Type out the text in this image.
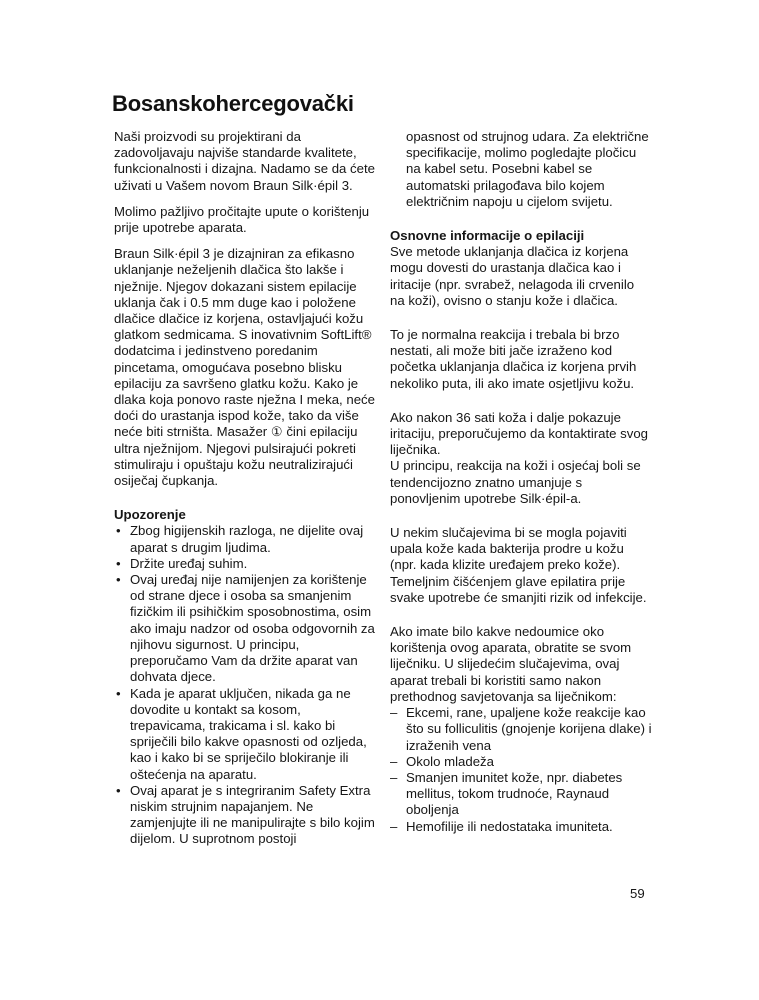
Bosanskohercegovački

Naši proizvodi su projektirani da zadovoljavaju najviše standarde kvalitete, funkcionalnosti i dizajna. Nadamo se da ćete uživati u Vašem novom Braun Silk·épil 3.

Molimo pažljivo pročitajte upute o korištenju prije upotrebe aparata.

Braun Silk·épil 3 je dizajniran za efikasno uklanjanje neželjenih dlačica što lakše i nježnije. Njegov dokazani sistem epilacije uklanja čak i 0.5 mm duge kao i položene dlačice dlačice iz korjena, ostavljajući kožu glatkom sedmicama. S inovativnim SoftLift® dodatcima i jedinstveno poredanim pincetama, omogućava posebno blisku epilaciju za savršeno glatku kožu. Kako je dlaka koja ponovo raste nježna I meka, neće doći do urastanja ispod kože, tako da više neće biti strništa. Masažer ① čini epilaciju ultra nježnijom. Njegovi pulsirajući pokreti stimuliraju i opuštaju kožu neutralizirajući osiječaj čupkanja.

Upozorenje
• Zbog higijenskih razloga, ne dijelite ovaj aparat s drugim ljudima.
• Držite uređaj suhim.
• Ovaj uređaj nije namijenjen za korištenje od strane djece i osoba sa smanjenim fizičkim ili psihičkim sposobnostima, osim ako imaju nadzor od osoba odgovornih za njihovu sigurnost. U principu, preporučamo Vam da držite aparat van dohvata djece.
• Kada je aparat uključen, nikada ga ne dovodite u kontakt sa kosom, trepavicama, trakicama i sl. kako bi spriječili bilo kakve opasnosti od ozljeda, kao i kako bi se spriječilo blokiranje ili oštećenja na aparatu.
• Ovaj aparat je s integriranim Safety Extra niskim strujnim napajanjem. Ne zamjenjujte ili ne manipulirajte s bilo kojim dijelom. U suprotnom postoji

opasnost od strujnog udara. Za električne specifikacije, molimo pogledajte pločicu na kabel setu. Posebni kabel se automatski prilagođava bilo kojem električnim napoju u cijelom svijetu.

Osnovne informacije o epilaciji

Sve metode uklanjanja dlačica iz korjena mogu dovesti do urastanja dlačica kao i iritacije (npr. svrabež, nelagoda ili crvenilo na koži), ovisno o stanju kože i dlačica.

To je normalna reakcija i trebala bi brzo nestati, ali može biti jače izraženo kod početka uklanjanja dlačica iz korjena prvih nekoliko puta, ili ako imate osjetljivu kožu.

Ako nakon 36 sati koža i dalje pokazuje iritaciju, preporučujemo da kontaktirate svog liječnika.

U principu, reakcija na koži i osjećaj boli se tendencijozno znatno umanjuje s ponovljenim upotrebe Silk·épil-a.

U nekim slučajevima bi se mogla pojaviti upala kože kada bakterija prodre u kožu (npr. kada klizite uređajem preko kože). Temeljnim čišćenjem glave epilatira prije svake upotrebe će smanjiti rizik od infekcije.

Ako imate bilo kakve nedoumice oko korištenja ovog aparata, obratite se svom liječniku. U slijedećim slučajevima, ovaj aparat trebali bi koristiti samo nakon prethodnog savjetovanja sa liječnikom:

– Ekcemi, rane, upaljene kože reakcije kao što su folliculitis (gnojenje korijena dlake) i izraženih vena
– Okolo mladeža
– Smanjen imunitet kože, npr. diabetes mellitus, tokom trudnoće, Raynaud oboljenja
– Hemofilije ili nedostataka imuniteta.
59
